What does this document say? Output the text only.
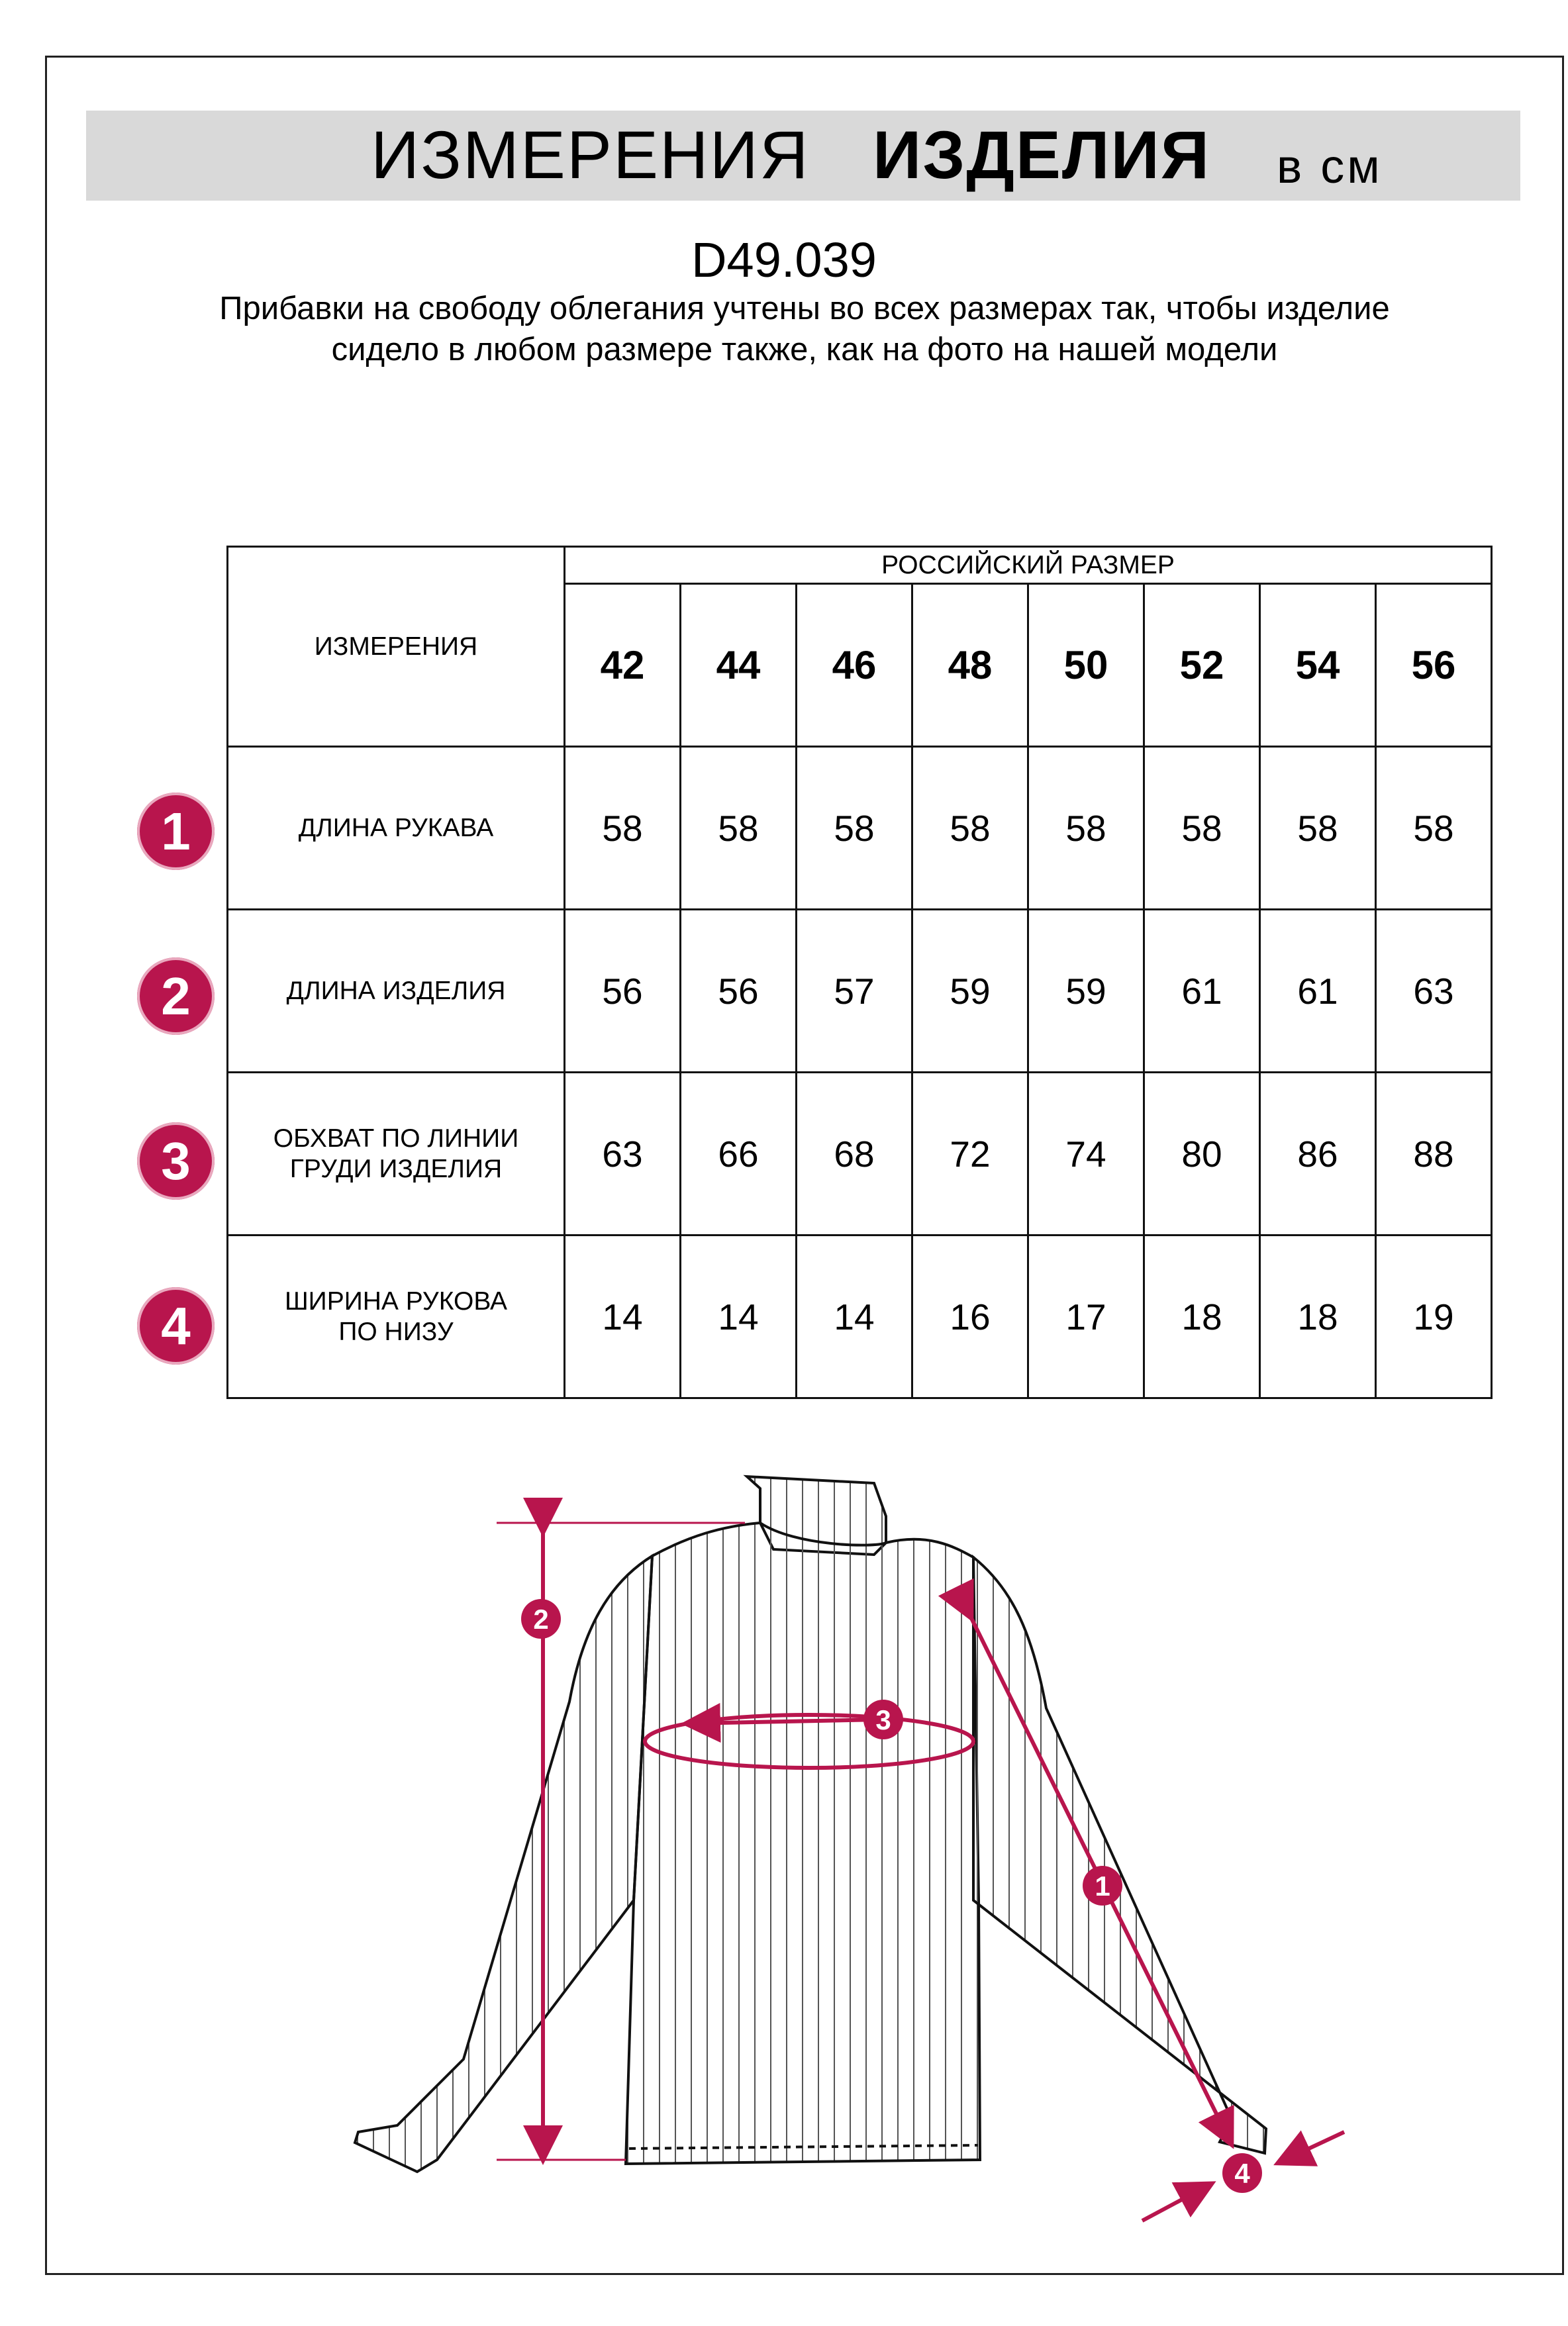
ИЗМЕРЕНИЯ ИЗДЕЛИЯ в см
D49.039
Прибавки на свободу облегания учтены во всех размерах так, чтобы изделие сидело в любом размере также, как на фото на нашей модели
ИЗМЕРЕНИЯ	РОССИЙСКИЙ РАЗМЕР							
	42	44	46	48	50	52	54	56
ДЛИНА РУКАВА	58	58	58	58	58	58	58	58
ДЛИНА ИЗДЕЛИЯ	56	56	57	59	59	61	61	63
ОБХВАТ ПО ЛИНИИ ГРУДИ ИЗДЕЛИЯ	63	66	68	72	74	80	86	88
ШИРИНА РУКОВА ПО НИЗУ	14	14	14	16	17	18	18	19
1
2
3
4
2
3
1
4
